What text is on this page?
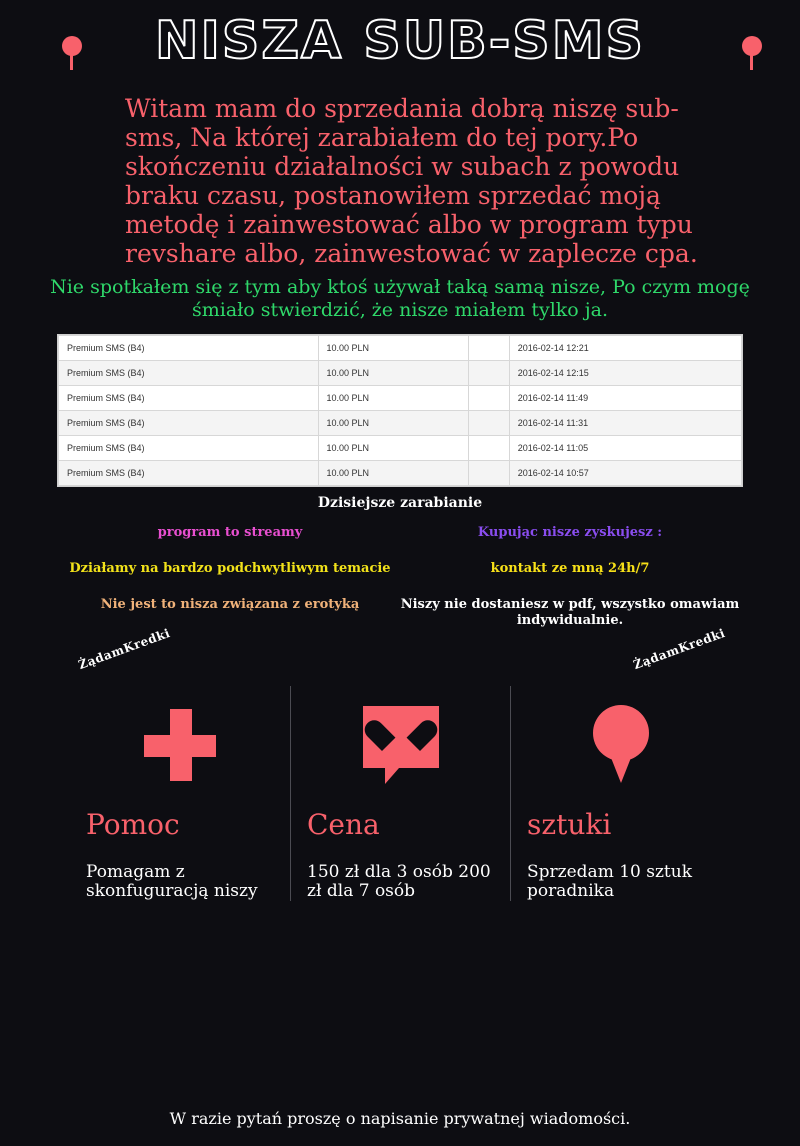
NISZA SUB-SMS
Witam mam do sprzedania dobrą niszę sub-sms, Na której zarabiałem do tej pory.Po skończeniu działalności w subach z powodu braku czasu, postanowiłem sprzedać moją metodę i zainwestować albo w program typu revshare albo, zainwestować w zaplecze cpa.
Nie spotkałem się z tym aby ktoś używał taką samą nisze, Po czym mogę śmiało stwierdzić, że nisze miałem tylko ja.
Premium SMS (B4)	10.00 PLN		2016-02-14 12:21
Premium SMS (B4)	10.00 PLN		2016-02-14 12:15
Premium SMS (B4)	10.00 PLN		2016-02-14 11:49
Premium SMS (B4)	10.00 PLN		2016-02-14 11:31
Premium SMS (B4)	10.00 PLN		2016-02-14 11:05
Premium SMS (B4)	10.00 PLN		2016-02-14 10:57
Dzisiejsze zarabianie
program to streamy	Kupując nisze zyskujesz :
Działamy na bardzo podchwytliwym temacie	kontakt ze mną 24h/7
Nie jest to nisza związana z erotyką	Niszy nie dostaniesz w pdf, wszystko omawiam indywidualnie.
ŻądamKredki
Pomoc
Pomagam z skonfuguracją niszy
Cena
150 zł dla 3 osób 200 zł dla 7 osób
ŻądamKredki
sztuki
Sprzedam 10 sztuk poradnika
W razie pytań proszę o napisanie prywatnej wiadomości.
